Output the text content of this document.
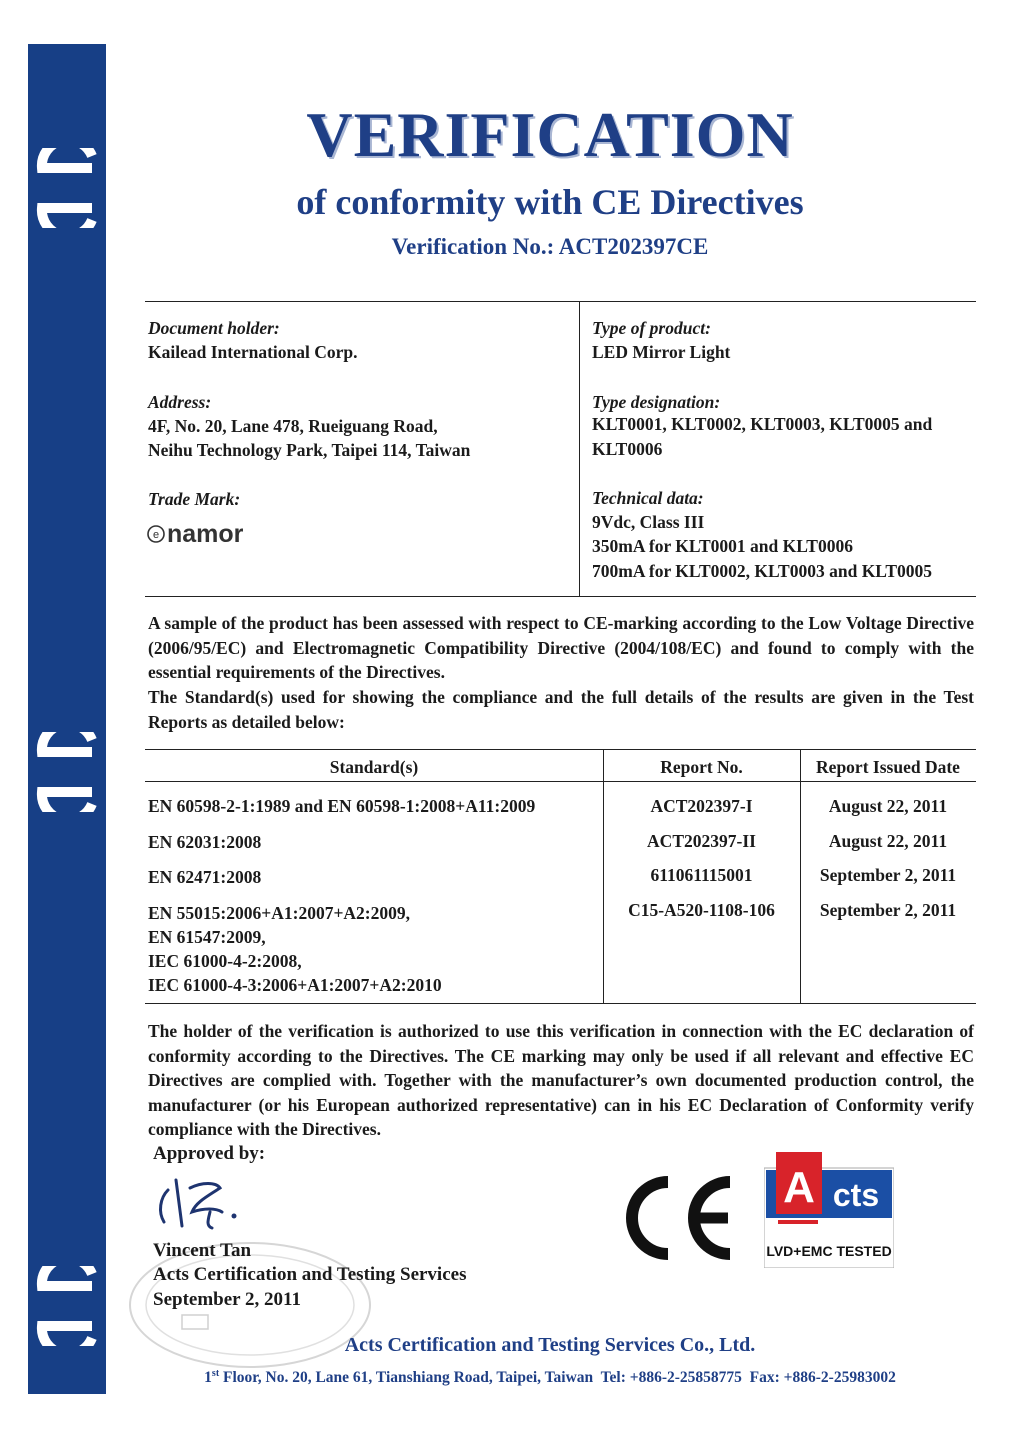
VERIFICATION
of conformity with CE Directives
Verification No.: ACT202397CE
Document holder:
Kailead International Corp.
Address:
4F, No. 20, Lane 478, Rueiguang Road,
Neihu Technology Park, Taipei 114, Taiwan
Trade Mark:
e namor
Type of product:
LED Mirror Light
Type designation:
KLT0001, KLT0002, KLT0003, KLT0005 and
KLT0006
Technical data:
9Vdc, Class III
350mA for KLT0001 and KLT0006
700mA for KLT0002, KLT0003 and KLT0005
A sample of the product has been assessed with respect to CE-marking according to the Low Voltage Directive (2006/95/EC) and Electromagnetic Compatibility Directive (2004/108/EC) and found to comply with the essential requirements of the Directives.
The Standard(s) used for showing the compliance and the full details of the results are given in the Test Reports as detailed below:
Standard(s)	Report No.	Report Issued Date
EN 60598-2-1:1989 and EN 60598-1:2008+A11:2009	ACT202397-I	August 22, 2011
EN 62031:2008	ACT202397-II	August 22, 2011
EN 62471:2008	611061115001	September 2, 2011
EN 55015:2006+A1:2007+A2:2009,	C15-A520-1108-106	September 2, 2011
EN 61547:2009,
IEC 61000-4-2:2008,
IEC 61000-4-3:2006+A1:2007+A2:2010
The holder of the verification is authorized to use this verification in connection with the EC declaration of conformity according to the Directives. The CE marking may only be used if all relevant and effective EC Directives are complied with. Together with the manufacturer’s own documented production control, the manufacturer (or his European authorized representative) can in his EC Declaration of Conformity verify compliance with the Directives.
Approved by:
Vincent Tan
Acts Certification and Testing Services
September 2, 2011
A cts
LVD+EMC TESTED
Acts Certification and Testing Services Co., Ltd.
1st Floor, No. 20, Lane 61, Tianshiang Road, Taipei, Taiwan  Tel: +886-2-25858775  Fax: +886-2-25983002
